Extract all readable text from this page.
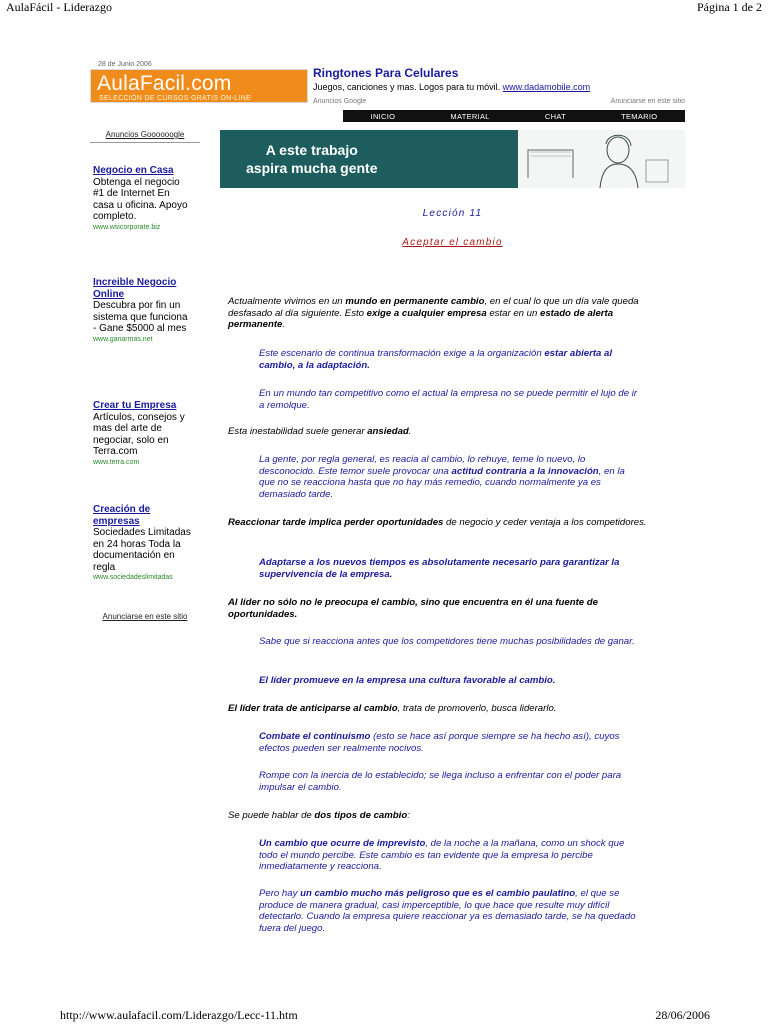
AulaFácil - Liderazgo	Página 1 de 2
28 de Junio 2006
AulaFacil.com
SELECCIÓN DE CURSOS GRATIS ON-LINE
Ringtones Para Celulares
Juegos, canciones y mas. Logos para tu móvil. www.dadamobile.com
Anuncios Google	Anunciarse en este sitio
INICIO	MATERIAL	CHAT	TEMARIO
Anuncios Goooooogle
Negocio en Casa
Obtenga el negocio #1 de Internet En casa u oficina. Apoyo completo.
www.wsicorporate.biz
Increible Negocio Online
Descubra por fin un sistema que funciona - Gane $5000 al mes
www.ganarmas.net
Crear tu Empresa
Artículos, consejos y mas del arte de negociar, solo en Terra.com
www.terra.com
Creación de empresas
Sociedades Limitadas en 24 horas Toda la documentación en regla
www.sociedadeslimitadas
Anunciarse en este sitio
A este trabajo
aspira mucha gente
Lección 11
Aceptar el cambio
Actualmente vivimos en un mundo en permanente cambio, en el cual lo que un día vale queda desfasado al día siguiente. Esto exige a cualquier empresa estar en un estado de alerta permanente.
Este escenario de continua transformación exige a la organización estar abierta al cambio, a la adaptación.
En un mundo tan competitivo como el actual la empresa no se puede permitir el lujo de ir a remolque.
Esta inestabilidad suele generar ansiedad.
La gente, por regla general, es reacia al cambio, lo rehuye, teme lo nuevo, lo desconocido. Este temor suele provocar una actitud contraria a la innovación, en la que no se reacciona hasta que no hay más remedio, cuando normalmente ya es demasiado tarde.
Reaccionar tarde implica perder oportunidades de negocio y ceder ventaja a los competidores.
Adaptarse a los nuevos tiempos es absolutamente necesario para garantizar la supervivencia de la empresa.
Al líder no sólo no le preocupa el cambio, sino que encuentra en él una fuente de oportunidades.
Sabe que si reacciona antes que los competidores tiene muchas posibilidades de ganar.
El líder promueve en la empresa una cultura favorable al cambio.
El líder trata de anticiparse al cambio, trata de promoverlo, busca liderarlo.
Combate el continuismo (esto se hace así porque siempre se ha hecho así), cuyos efectos pueden ser realmente nocivos.
Rompe con la inercia de lo establecido; se llega incluso a enfrentar con el poder para impulsar el cambio.
Se puede hablar de dos tipos de cambio:
Un cambio que ocurre de imprevisto, de la noche a la mañana, como un shock que todo el mundo percibe. Este cambio es tan evidente que la empresa lo percibe inmediatamente y reacciona.
Pero hay un cambio mucho más peligroso que es el cambio paulatino, el que se produce de manera gradual, casi imperceptible, lo que hace que resulte muy difícil detectarlo. Cuando la empresa quiere reaccionar ya es demasiado tarde, se ha quedado fuera del juego.
http://www.aulafacil.com/Liderazgo/Lecc-11.htm	28/06/2006
